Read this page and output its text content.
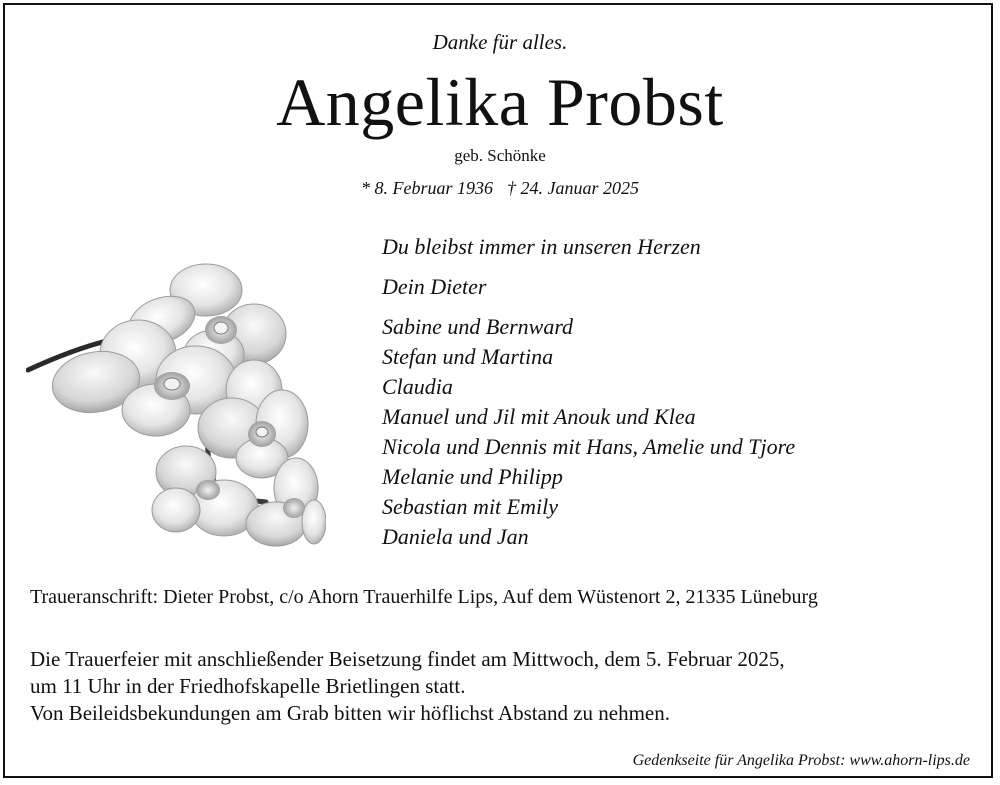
Danke für alles.
Angelika Probst
geb. Schönke
* 8. Februar 1936 † 24. Januar 2025
Du bleibst immer in unseren Herzen
Dein Dieter
Sabine und Bernward
Stefan und Martina
Claudia
Manuel und Jil mit Anouk und Klea
Nicola und Dennis mit Hans, Amelie und Tjore
Melanie und Philipp
Sebastian mit Emily
Daniela und Jan
Traueranschrift: Dieter Probst, c/o Ahorn Trauerhilfe Lips, Auf dem Wüstenort 2, 21335 Lüneburg
Die Trauerfeier mit anschließender Beisetzung findet am Mittwoch, dem 5. Februar 2025,
um 11 Uhr in der Friedhofskapelle Brietlingen statt.
Von Beileidsbekundungen am Grab bitten wir höflichst Abstand zu nehmen.
Gedenkseite für Angelika Probst: www.ahorn-lips.de
